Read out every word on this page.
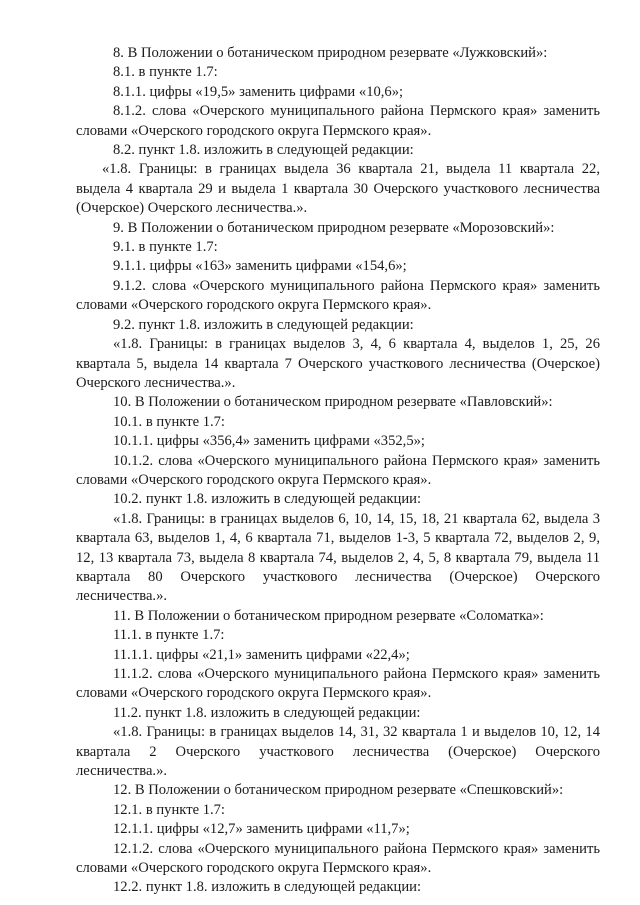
8. В Положении о ботаническом природном резервате «Лужковский»:

8.1. в пункте 1.7:

8.1.1. цифры «19,5» заменить цифрами «10,6»;

8.1.2. слова «Очерского муниципального района Пермского края» заменить словами «Очерского городского округа Пермского края».

8.2. пункт 1.8. изложить в следующей редакции:

«1.8. Границы: в границах выдела 36 квартала 21, выдела 11 квартала 22, выдела 4 квартала 29 и выдела 1 квартала 30 Очерского участкового лесничества (Очерское) Очерского лесничества.».

9. В Положении о ботаническом природном резервате «Морозовский»:

9.1. в пункте 1.7:

9.1.1. цифры «163» заменить цифрами «154,6»;

9.1.2. слова «Очерского муниципального района Пермского края» заменить словами «Очерского городского округа Пермского края».

9.2. пункт 1.8. изложить в следующей редакции:

«1.8. Границы: в границах выделов 3, 4, 6 квартала 4, выделов 1, 25, 26 квартала 5, выдела 14 квартала 7 Очерского участкового лесничества (Очерское) Очерского лесничества.».

10. В Положении о ботаническом природном резервате «Павловский»:

10.1. в пункте 1.7:

10.1.1. цифры «356,4» заменить цифрами «352,5»;

10.1.2. слова «Очерского муниципального района Пермского края» заменить словами «Очерского городского округа Пермского края».

10.2. пункт 1.8. изложить в следующей редакции:

«1.8. Границы: в границах выделов 6, 10, 14, 15, 18, 21 квартала 62, выдела 3 квартала 63, выделов 1, 4, 6 квартала 71, выделов 1-3, 5 квартала 72, выделов 2, 9, 12, 13 квартала 73, выдела 8 квартала 74, выделов 2, 4, 5, 8 квартала 79, выдела 11 квартала 80 Очерского участкового лесничества (Очерское) Очерского лесничества.».

11. В Положении о ботаническом природном резервате «Соломатка»:

11.1. в пункте 1.7:

11.1.1. цифры «21,1» заменить цифрами «22,4»;

11.1.2. слова «Очерского муниципального района Пермского края» заменить словами «Очерского городского округа Пермского края».

11.2. пункт 1.8. изложить в следующей редакции:

«1.8. Границы: в границах выделов 14, 31, 32 квартала 1 и выделов 10, 12, 14 квартала 2 Очерского участкового лесничества (Очерское) Очерского лесничества.».

12. В Положении о ботаническом природном резервате «Спешковский»:

12.1. в пункте 1.7:

12.1.1. цифры «12,7» заменить цифрами «11,7»;

12.1.2. слова «Очерского муниципального района Пермского края» заменить словами «Очерского городского округа Пермского края».

12.2. пункт 1.8. изложить в следующей редакции:
